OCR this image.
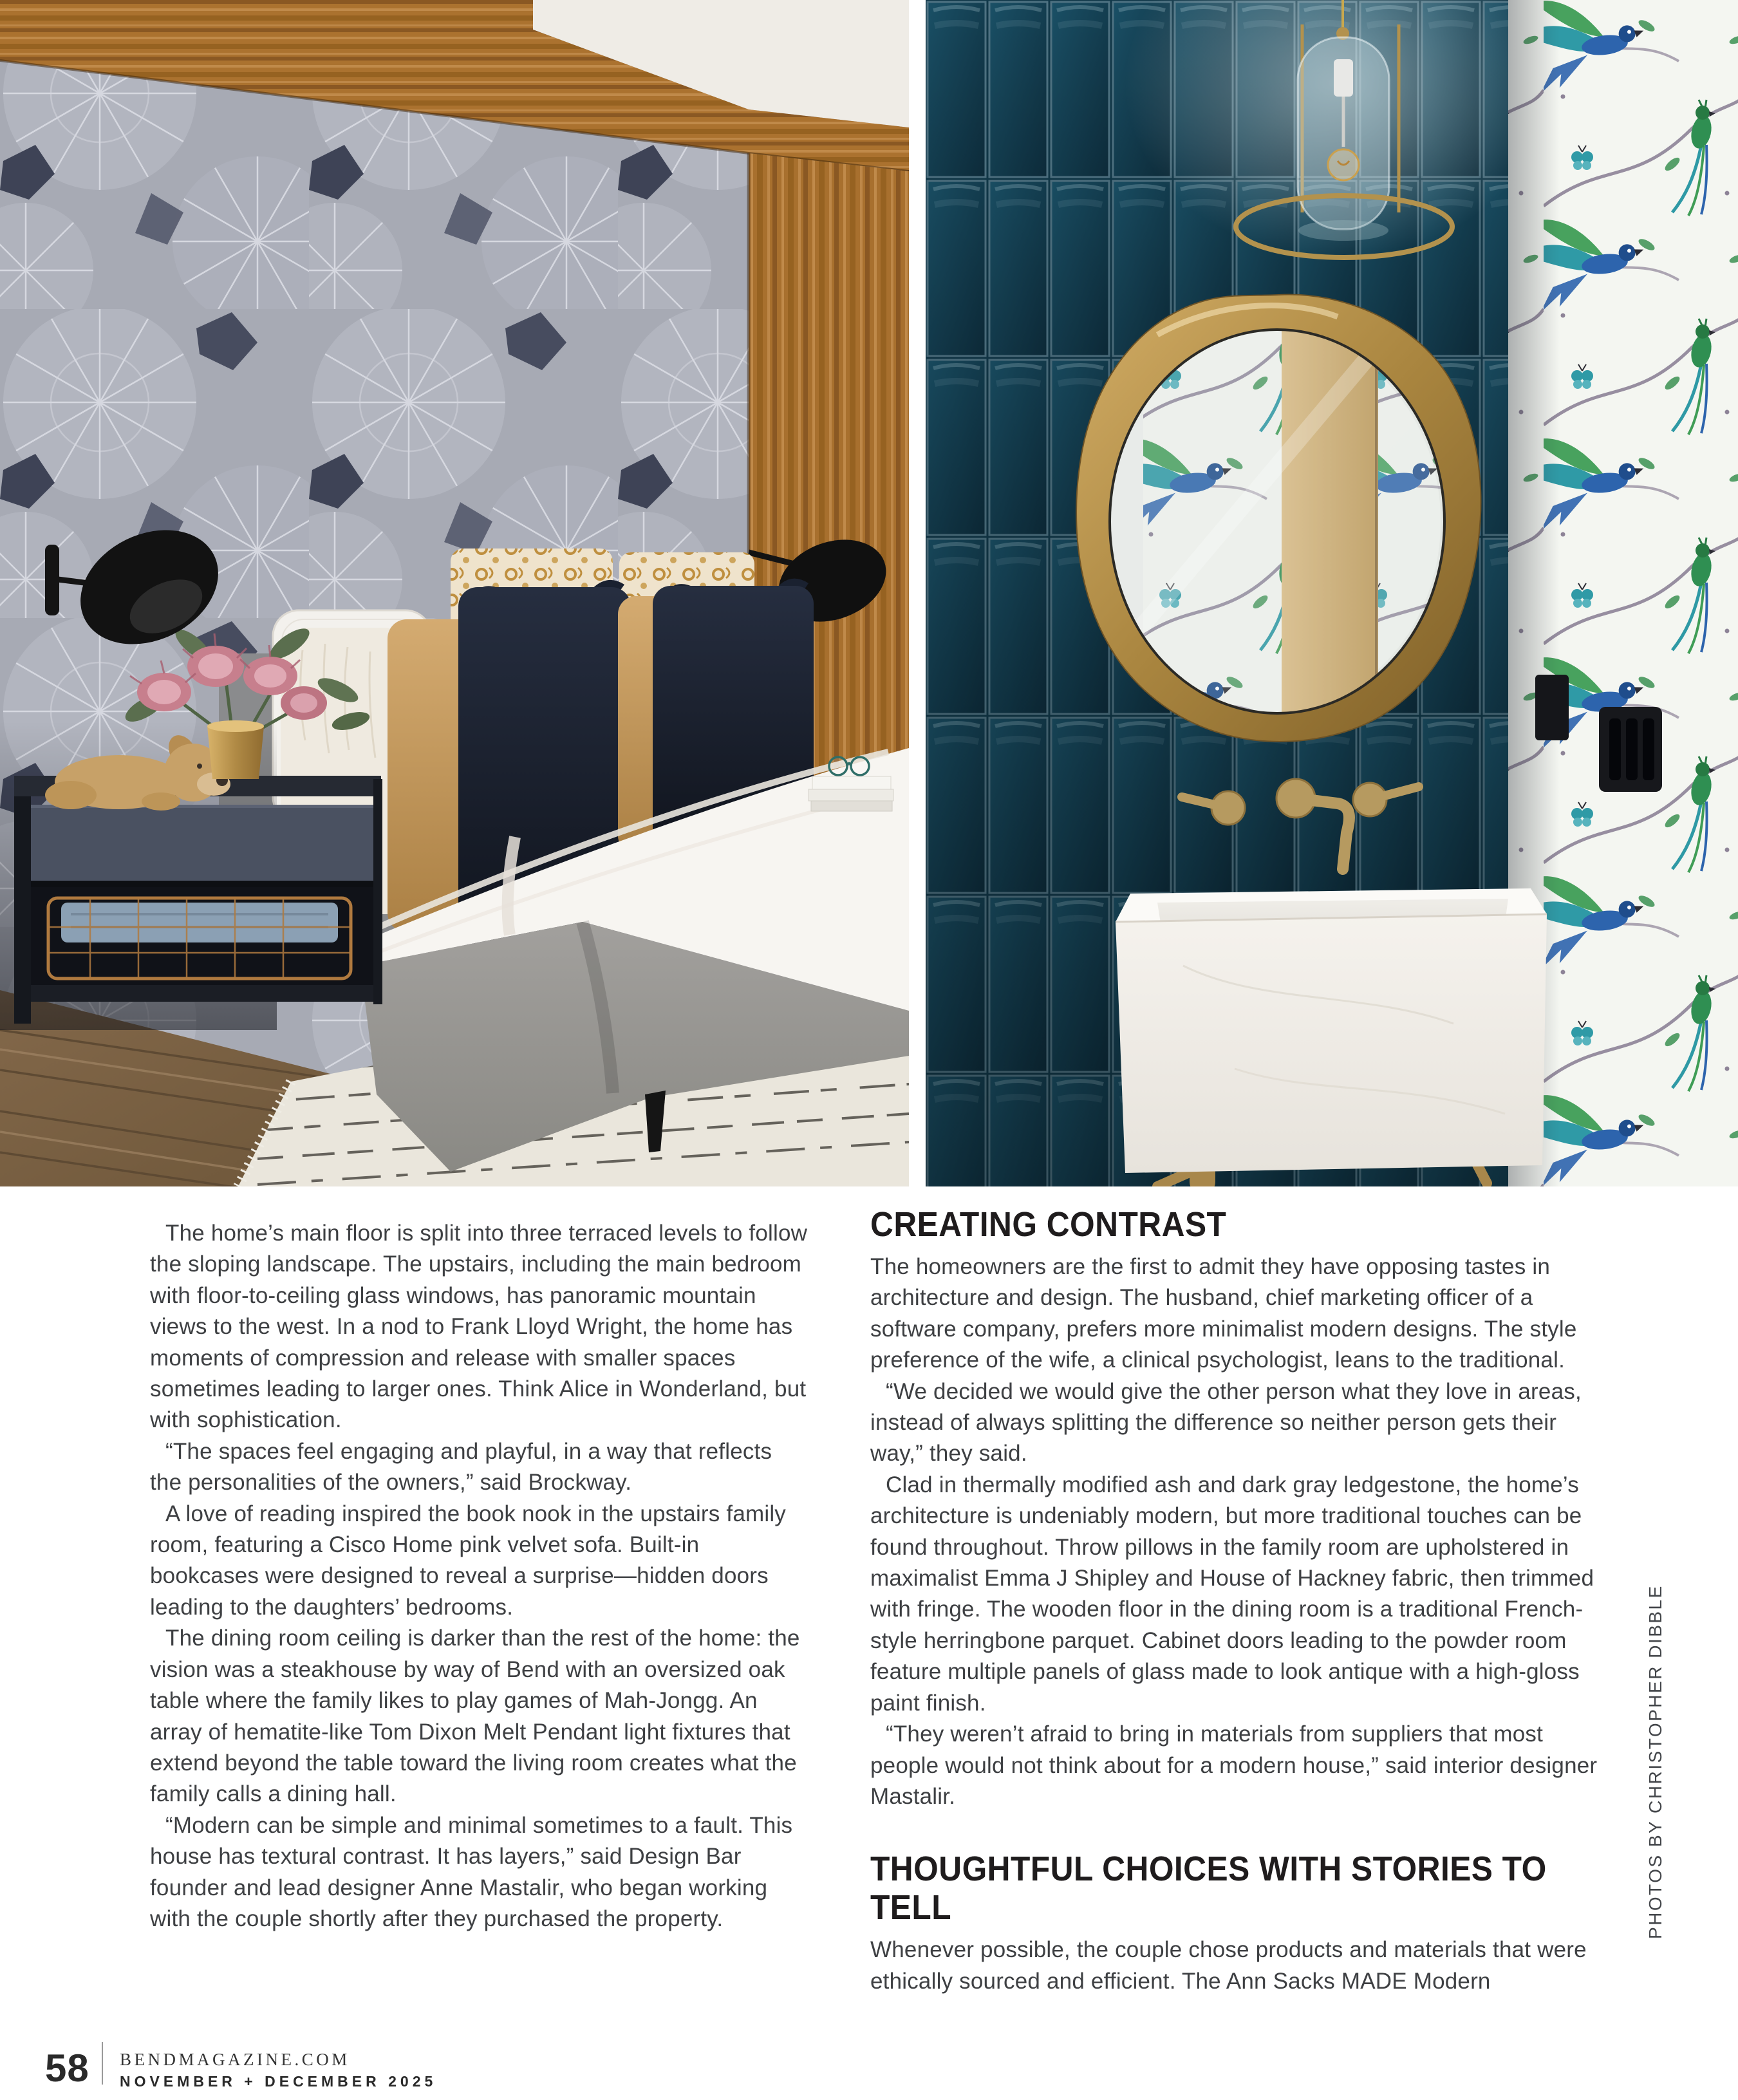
The home’s main floor is split into three terraced levels to follow the sloping landscape. The upstairs, including the main bedroom with floor-to-ceiling glass windows, has panoramic mountain views to the west. In a nod to Frank Lloyd Wright, the home has moments of compression and release with smaller spaces sometimes leading to larger ones. Think Alice in Wonderland, but with sophistication.

“The spaces feel engaging and playful, in a way that reflects the personalities of the owners,” said Brockway.

A love of reading inspired the book nook in the upstairs family room, featuring a Cisco Home pink velvet sofa. Built-in bookcases were designed to reveal a surprise—hidden doors leading to the daughters’ bedrooms.

The dining room ceiling is darker than the rest of the home: the vision was a steakhouse by way of Bend with an oversized oak table where the family likes to play games of Mah-Jongg. An array of hematite-like Tom Dixon Melt Pendant light fixtures that extend beyond the table toward the living room creates what the family calls a dining hall.

“Modern can be simple and minimal sometimes to a fault. This house has textural contrast. It has layers,” said Design Bar founder and lead designer Anne Mastalir, who began working with the couple shortly after they purchased the property.

CREATING CONTRAST

The homeowners are the first to admit they have opposing tastes in architecture and design. The husband, chief marketing officer of a software company, prefers more minimalist modern designs. The style preference of the wife, a clinical psychologist, leans to the traditional.

“We decided we would give the other person what they love in areas, instead of always splitting the difference so neither person gets their way,” they said.

Clad in thermally modified ash and dark gray ledgestone, the home’s architecture is undeniably modern, but more traditional touches can be found throughout. Throw pillows in the family room are upholstered in maximalist Emma J Shipley and House of Hackney fabric, then trimmed with fringe. The wooden floor in the dining room is a traditional French-style herringbone parquet. Cabinet doors leading to the powder room feature multiple panels of glass made to look antique with a high-gloss paint finish.

“They weren’t afraid to bring in materials from suppliers that most people would not think about for a modern house,” said interior designer Mastalir.

THOUGHTFUL CHOICES WITH STORIES TO TELL

Whenever possible, the couple chose products and materials that were ethically sourced and efficient. The Ann Sacks MADE Modern

PHOTOS BY CHRISTOPHER DIBBLE
58 BENDMAGAZINE.COM
NOVEMBER + DECEMBER 2025
